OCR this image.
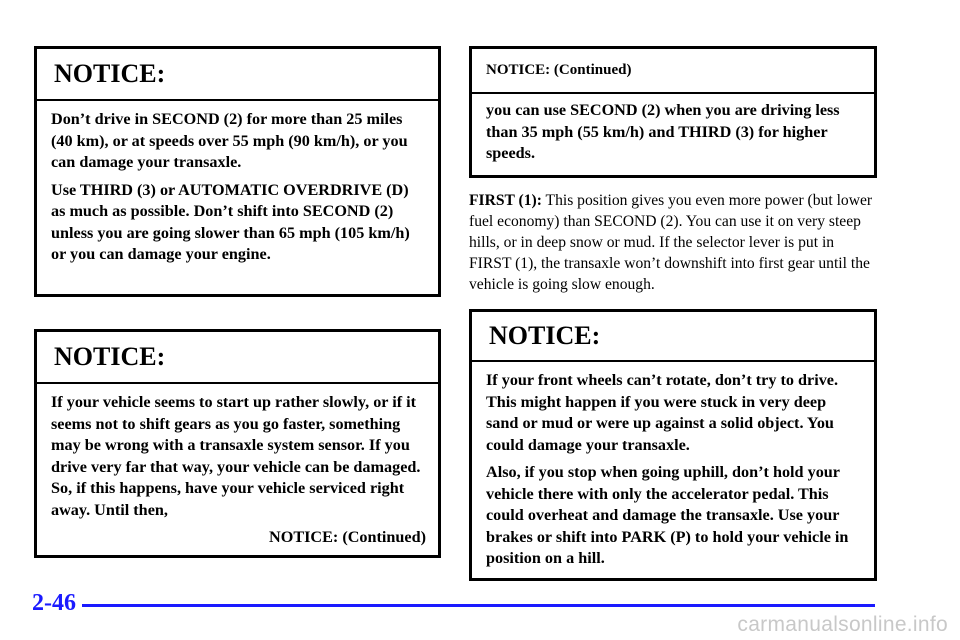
NOTICE:

Don’t drive in SECOND (2) for more than 25 miles (40 km), or at speeds over 55 mph (90 km/h), or you can damage your transaxle.

Use THIRD (3) or AUTOMATIC OVERDRIVE (D) as much as possible. Don’t shift into SECOND (2) unless you are going slower than 65 mph (105 km/h) or you can damage your engine.

NOTICE:

If your vehicle seems to start up rather slowly, or if it seems not to shift gears as you go faster, something may be wrong with a transaxle system sensor. If you drive very far that way, your vehicle can be damaged. So, if this happens, have your vehicle serviced right away. Until then,

NOTICE: (Continued)

NOTICE: (Continued)

you can use SECOND (2) when you are driving less than 35 mph (55 km/h) and THIRD (3) for higher speeds.

FIRST (1): This position gives you even more power (but lower fuel economy) than SECOND (2). You can use it on very steep hills, or in deep snow or mud. If the selector lever is put in FIRST (1), the transaxle won’t downshift into first gear until the vehicle is going slow enough.
NOTICE:

If your front wheels can’t rotate, don’t try to drive. This might happen if you were stuck in very deep sand or mud or were up against a solid object. You could damage your transaxle.

Also, if you stop when going uphill, don’t hold your vehicle there with only the accelerator pedal. This could overheat and damage the transaxle. Use your brakes or shift into PARK (P) to hold your vehicle in position on a hill.

2-46
carmanualsonline.info
